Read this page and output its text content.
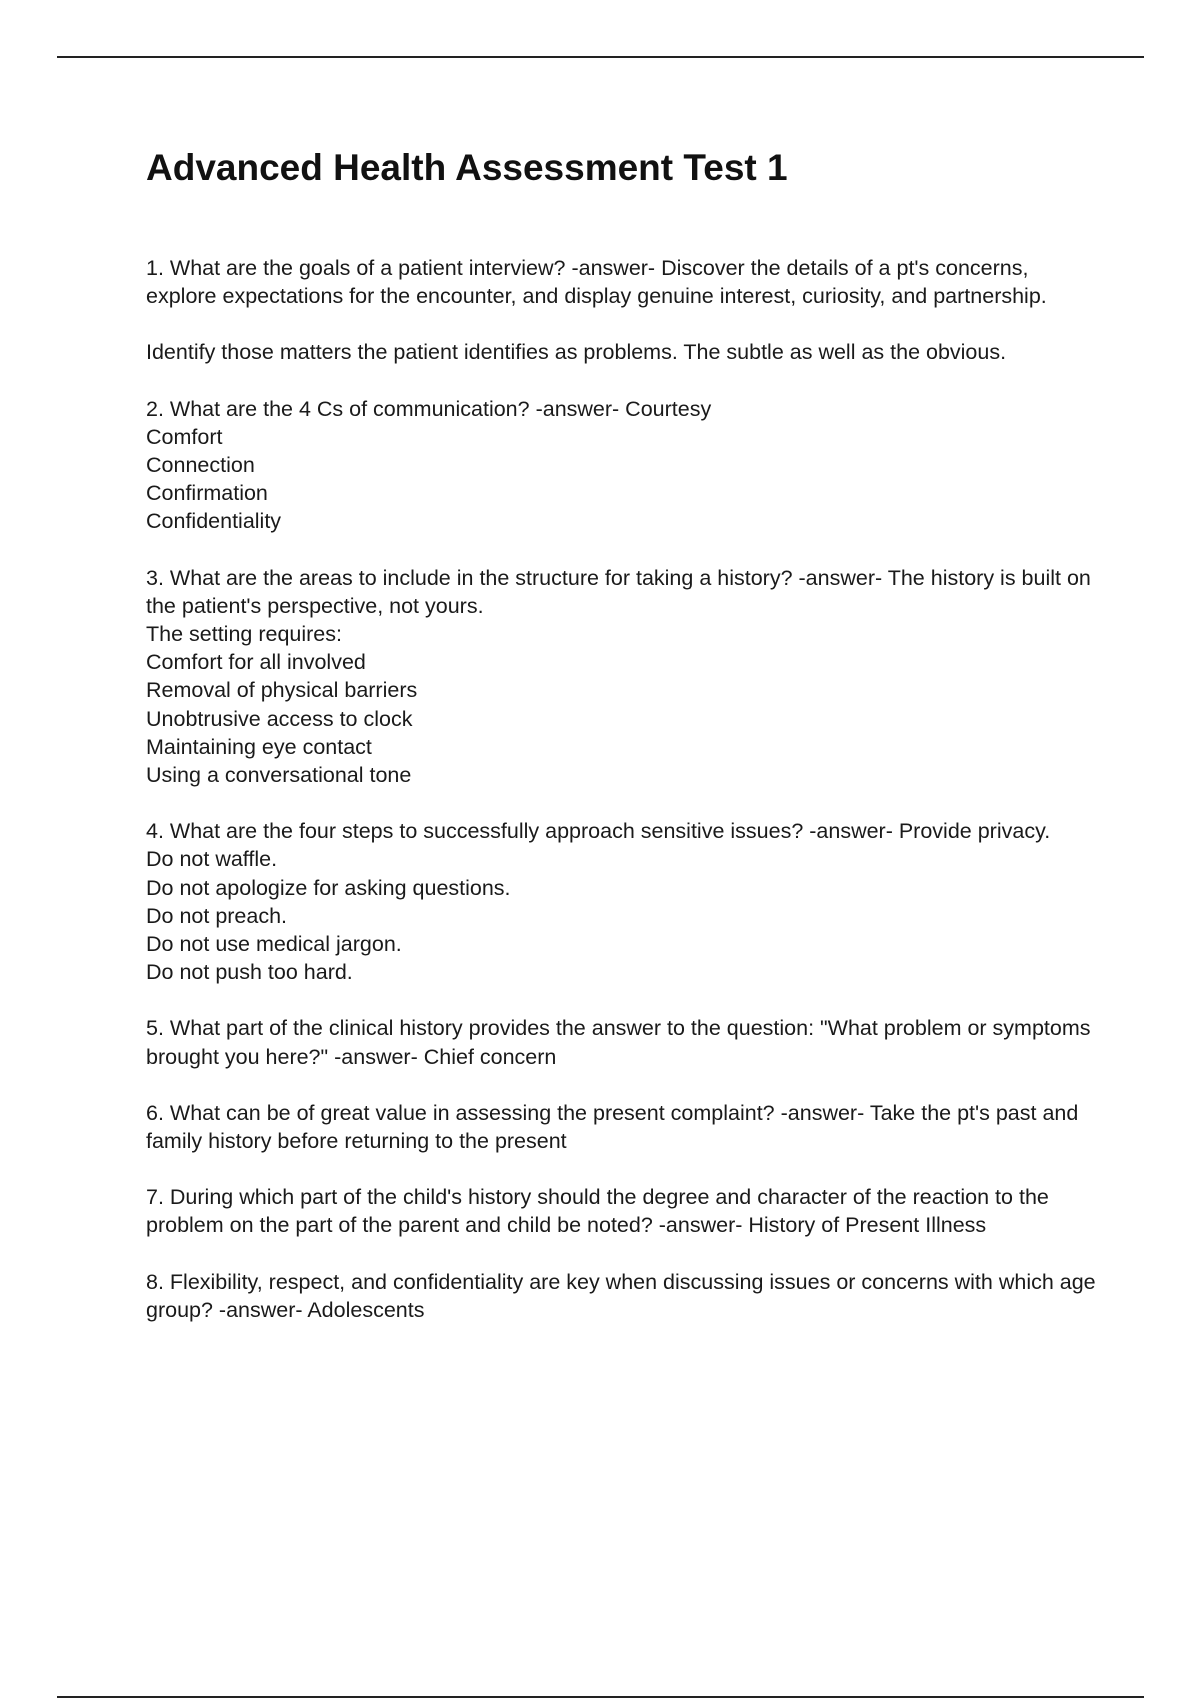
Advanced Health Assessment Test 1
1. What are the goals of a patient interview? -answer- Discover the details of a pt's concerns, explore expectations for the encounter, and display genuine interest, curiosity, and partnership.
Identify those matters the patient identifies as problems. The subtle as well as the obvious.
2. What are the 4 Cs of communication? -answer- Courtesy
Comfort
Connection
Confirmation
Confidentiality
3. What are the areas to include in the structure for taking a history? -answer- The history is built on the patient's perspective, not yours.
The setting requires:
Comfort for all involved
Removal of physical barriers
Unobtrusive access to clock
Maintaining eye contact
Using a conversational tone
4. What are the four steps to successfully approach sensitive issues? -answer- Provide privacy.
Do not waffle.
Do not apologize for asking questions.
Do not preach.
Do not use medical jargon.
Do not push too hard.
5. What part of the clinical history provides the answer to the question: "What problem or symptoms brought you here?" -answer- Chief concern
6. What can be of great value in assessing the present complaint? -answer- Take the pt's past and family history before returning to the present
7. During which part of the child's history should the degree and character of the reaction to the problem on the part of the parent and child be noted? -answer- History of Present Illness
8. Flexibility, respect, and confidentiality are key when discussing issues or concerns with which age group? -answer- Adolescents
